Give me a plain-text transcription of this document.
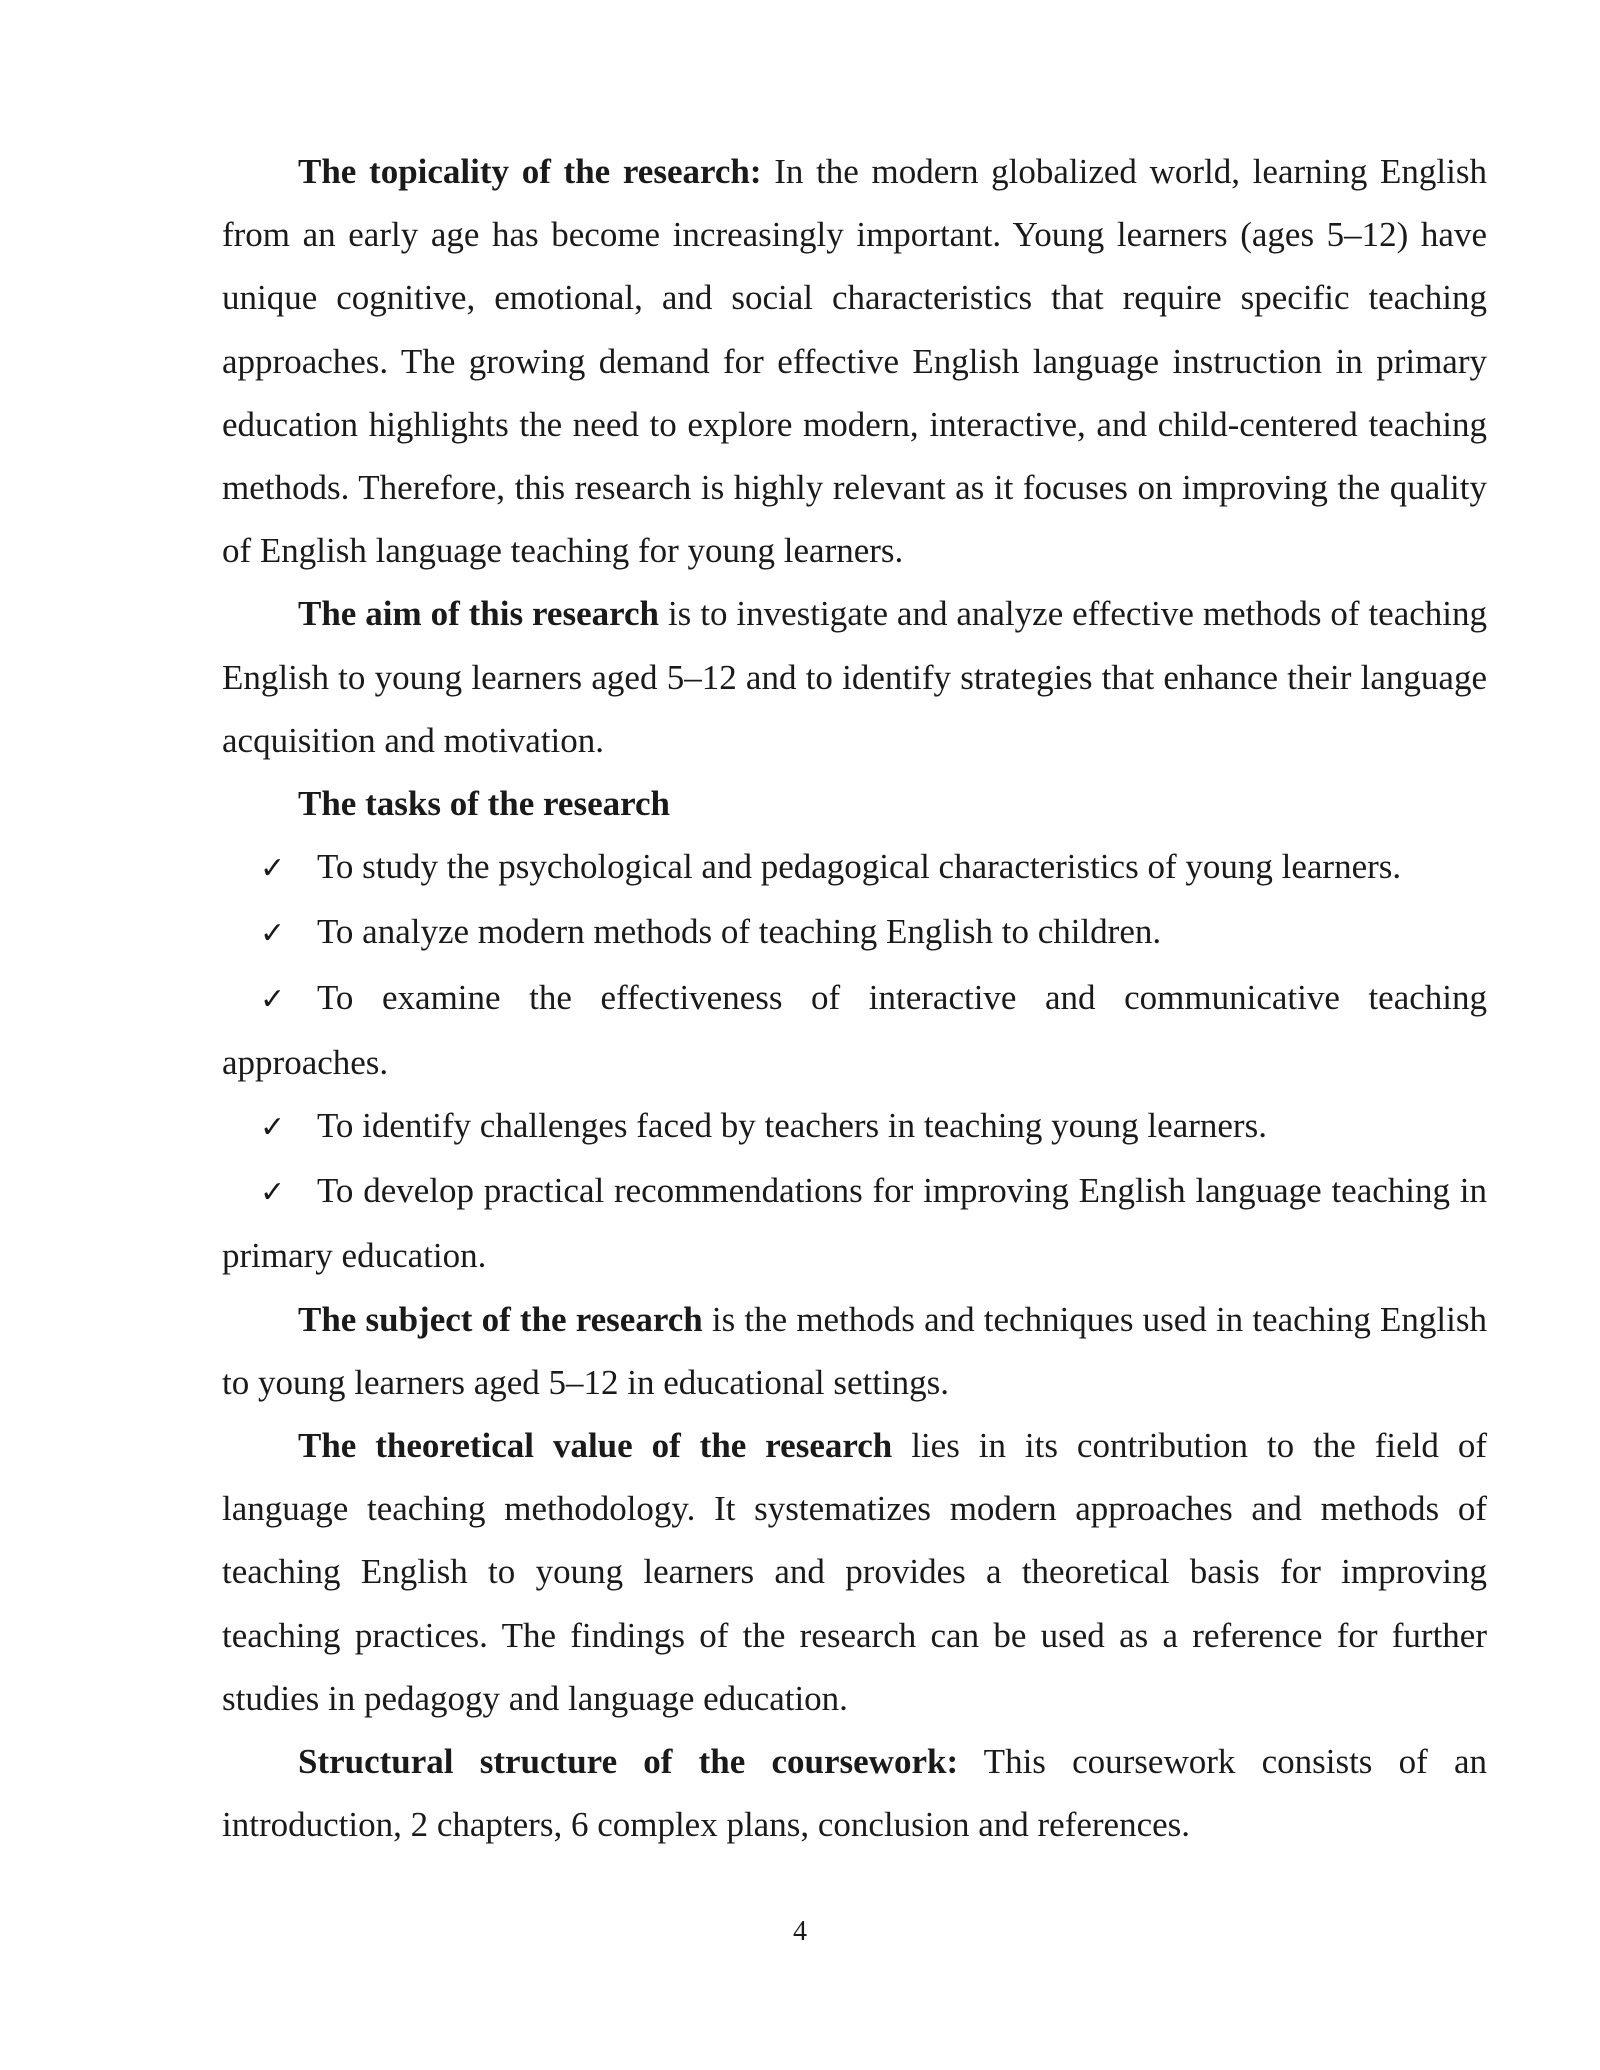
The topicality of the research: In the modern globalized world, learning English from an early age has become increasingly important. Young learners (ages 5–12) have unique cognitive, emotional, and social characteristics that require specific teaching approaches. The growing demand for effective English language instruction in primary education highlights the need to explore modern, interactive, and child-centered teaching methods. Therefore, this research is highly relevant as it focuses on improving the quality of English language teaching for young learners.

The aim of this research is to investigate and analyze effective methods of teaching English to young learners aged 5–12 and to identify strategies that enhance their language acquisition and motivation.

The tasks of the research

✓ To study the psychological and pedagogical characteristics of young learners.

✓ To analyze modern methods of teaching English to children.

✓ To examine the effectiveness of interactive and communicative teaching approaches.

✓ To identify challenges faced by teachers in teaching young learners.

✓ To develop practical recommendations for improving English language teaching in primary education.

The subject of the research is the methods and techniques used in teaching English to young learners aged 5–12 in educational settings.

The theoretical value of the research lies in its contribution to the field of language teaching methodology. It systematizes modern approaches and methods of teaching English to young learners and provides a theoretical basis for improving teaching practices. The findings of the research can be used as a reference for further studies in pedagogy and language education.

Structural structure of the coursework: This coursework consists of an introduction, 2 chapters, 6 complex plans, conclusion and references.

4
